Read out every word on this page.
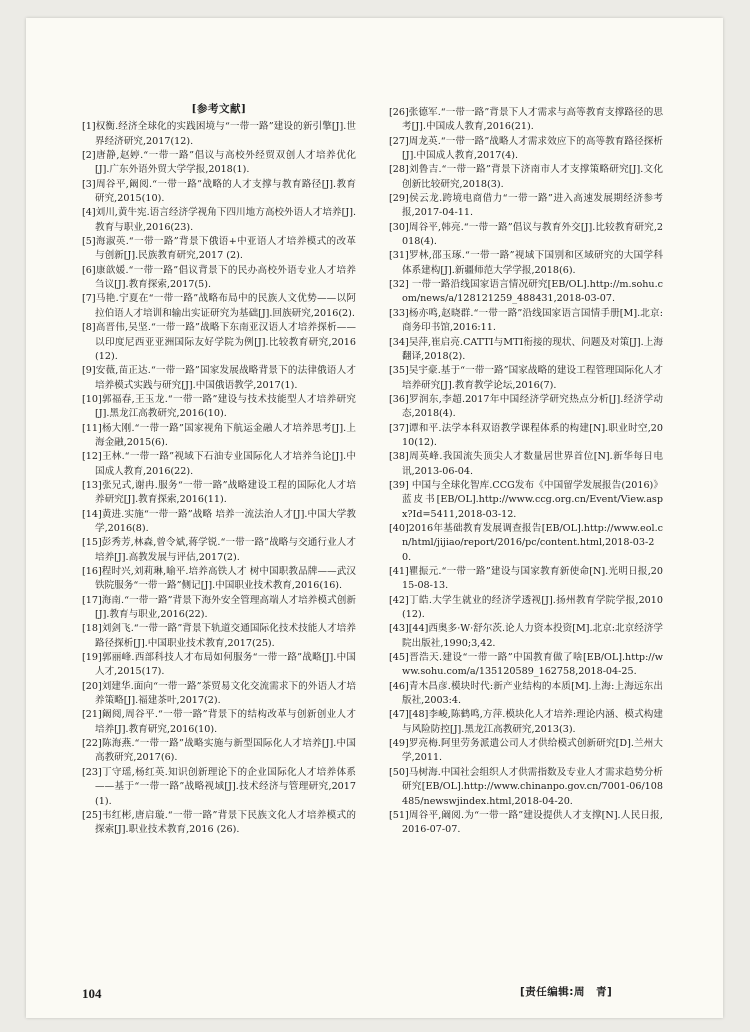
[参考文献]

[1]权衡.经济全球化的实践困境与“一带一路”建设的新引擎[J].世界经济研究,2017(12).

[2]唐静,赵婷.“一带一路”倡议与高校外经贸双创人才培养优化[J].广东外语外贸大学学报,2018(1).

[3]周谷平,阚阅.“一带一路”战略的人才支撑与教育路径[J].教育研究,2015(10).

[4]刘川,黄牛宪.语言经济学视角下四川地方高校外语人才培养[J].教育与职业,2016(23).

[5]海淑英.“一带一路”背景下俄语+中亚语人才培养模式的改革与创新[J].民族教育研究,2017 (2).

[6]康歆媛.“一带一路”倡议背景下的民办高校外语专业人才培养刍议[J].教育探索,2017(5).

[7]马艳.宁夏在“一带一路”战略布局中的民族人文优势——以阿拉伯语人才培训和输出实证研究为基础[J].回族研究,2016(2).

[8]高晋伟,吴坚.“一带一路”战略下东南亚汉语人才培养探析——以印度尼西亚亚洲国际友好学院为例[J].比较教育研究,2016(12).

[9]安薇,苗正达.“一带一路”国家发展战略背景下的法律俄语人才培养模式实践与研究[J].中国俄语教学,2017(1).

[10]郭福春,王玉龙.“一带一路”建设与技术技能型人才培养研究[J].黑龙江高教研究,2016(10).

[11]杨大刚.“一带一路”国家视角下航运金融人才培养思考[J].上海金融,2015(6).

[12]王林.“一带一路”视域下石油专业国际化人才培养刍论[J].中国成人教育,2016(22).

[13]张兄式,谢冉.服务“一带一路”战略建设工程的国际化人才培养研究[J].教育探索,2016(11).

[14]黄进.实施“一带一路”战略 培养一流法治人才[J].中国大学教学,2016(8).

[15]彭秀芳,林森,曾令斌,蒋学锐.“一带一路”战略与交通行业人才培养[J].高教发展与评估,2017(2).

[16]程时兴,刘莉琳,喻平.培养高铁人才 树中国职教品牌——武汉铁院服务“一带一路”侧记[J].中国职业技术教育,2016(16).

[17]海南.“一带一路”背景下海外安全管理高端人才培养模式创新[J].教育与职业,2016(22).

[18]刘剑飞.“一带一路”背景下轨道交通国际化技术技能人才培养路径探析[J].中国职业技术教育,2017(25).

[19]郭丽峰.西部科技人才布局如何服务“一带一路”战略[J].中国人才,2015(17).

[20]刘建华.面向“一带一路”茶贸易文化交流需求下的外语人才培养策略[J].福建茶叶,2017(2).

[21]阚阅,周谷平.“一带一路”背景下的结构改革与创新创业人才培养[J].教育研究,2016(10).

[22]陈海燕.“一带一路”战略实施与新型国际化人才培养[J].中国高教研究,2017(6).

[23]丁守瑶,杨红英.知识创新理论下的企业国际化人才培养体系——基于“一带一路”战略视域[J].技术经济与管理研究,2017(1).

[25]韦红彬,唐启璇.“一带一路”背景下民族文化人才培养模式的探索[J].职业技术教育,2016 (26).

[26]张德军.“一带一路”背景下人才需求与高等教育支撑路径的思考[J].中国成人教育,2016(21).

[27]周龙英.“一带一路”战略人才需求效应下的高等教育路径探析[J].中国成人教育,2017(4).

[28]刘鲁吉.“一带一路”背景下济南市人才支撑策略研究[J].文化创新比较研究,2018(3).

[29]侯云龙.跨境电商借力“一带一路”进入高速发展期经济参考报,2017-04-11.

[30]周谷平,韩亮.“一带一路”倡议与教育外交[J].比较教育研究,2018(4).

[31]罗林,邵玉琢.“一带一路”视域下国别和区域研究的大国学科体系建构[J].新疆师范大学学报,2018(6).

[32] 一带一路沿线国家语言情况研究[EB/OL].http://m.sohu.com/news/a/128121259_488431,2018-03-07.

[33]杨亦鸣,赵晓群.“一带一路”沿线国家语言国情手册[M].北京:商务印书馆,2016:11.

[34]吴萍,崔启亮.CATTI与MTI衔接的现状、问题及对策[J].上海翻译,2018(2).

[35]吴宇豪.基于“一带一路”国家战略的建设工程管理国际化人才培养研究[J].教育教学论坛,2016(7).

[36]罗润东,李超.2017年中国经济学研究热点分析[J].经济学动态,2018(4).

[37]谭和平.法学本科双语教学课程体系的构建[N].职业时空,2010(12).

[38]周英峰.我国流失顶尖人才数量居世界首位[N].新华每日电讯,2013-06-04.

[39] 中国与全球化智库.CCG发布《中国留学发展报告(2016)》蓝皮书[EB/OL].http://www.ccg.org.cn/Event/View.aspx?Id=5411,2018-03-12.

[40]2016年基础教育发展调查报告[EB/OL].http://www.eol.cn/html/jijiao/report/2016/pc/content.html,2018-03-20.

[41]瞿振元.“一带一路”建设与国家教育新使命[N].光明日报,2015-08-13.

[42]丁皓.大学生就业的经济学透视[J].扬州教育学院学报,2010(12).

[43][44]西奥多·W·舒尔茨.论人力资本投资[M].北京:北京经济学院出版社,1990;3,42.

[45]晋浩天.建设“一带一路”中国教育做了啥[EB/OL].http://www.sohu.com/a/135120589_162758,2018-04-25.

[46]青木昌彦.模块时代:新产业结构的本质[M].上海:上海远东出版社,2003:4.

[47][48]李峻,陈鹤鸣,方萍.模块化人才培养:理论内涵、模式构建与风险防控[J].黑龙江高教研究,2013(3).

[49]罗亮梅.阿里劳务派遣公司人才供给模式创新研究[D].兰州大学,2011.

[50]马树海.中国社会组织人才供需指数及专业人才需求趋势分析研究[EB/OL].http://www.chinanpo.gov.cn/7001-06/108485/newswjindex.html,2018-04-20.

[51]周谷平,阚阅.为“一带一路”建设提供人才支撑[N].人民日报,2016-07-07.

104	[责任编辑:周　青]
